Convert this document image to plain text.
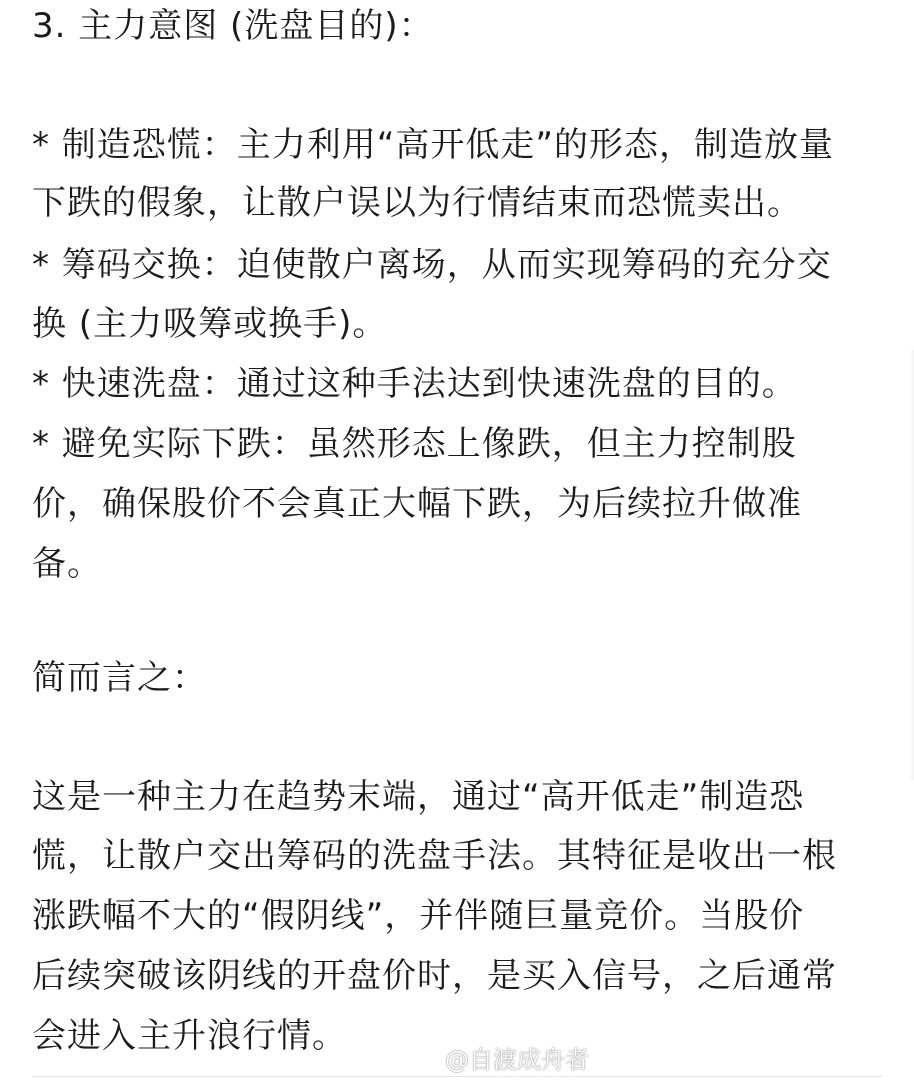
3. 主力意图 (洗盘目的)：
* 制造恐慌：主力利用“高开低走”的形态，制造放量
下跌的假象，让散户误以为行情结束而恐慌卖出。
* 筹码交换：迫使散户离场，从而实现筹码的充分交
换 (主力吸筹或换手)。
* 快速洗盘：通过这种手法达到快速洗盘的目的。
* 避免实际下跌：虽然形态上像跌，但主力控制股
价，确保股价不会真正大幅下跌，为后续拉升做准
备。
简而言之：
这是一种主力在趋势末端，通过“高开低走”制造恐
慌，让散户交出筹码的洗盘手法。其特征是收出一根
涨跌幅不大的“假阴线”，并伴随巨量竞价。当股价
后续突破该阴线的开盘价时，是买入信号，之后通常
会进入主升浪行情。
@自渡成舟者
